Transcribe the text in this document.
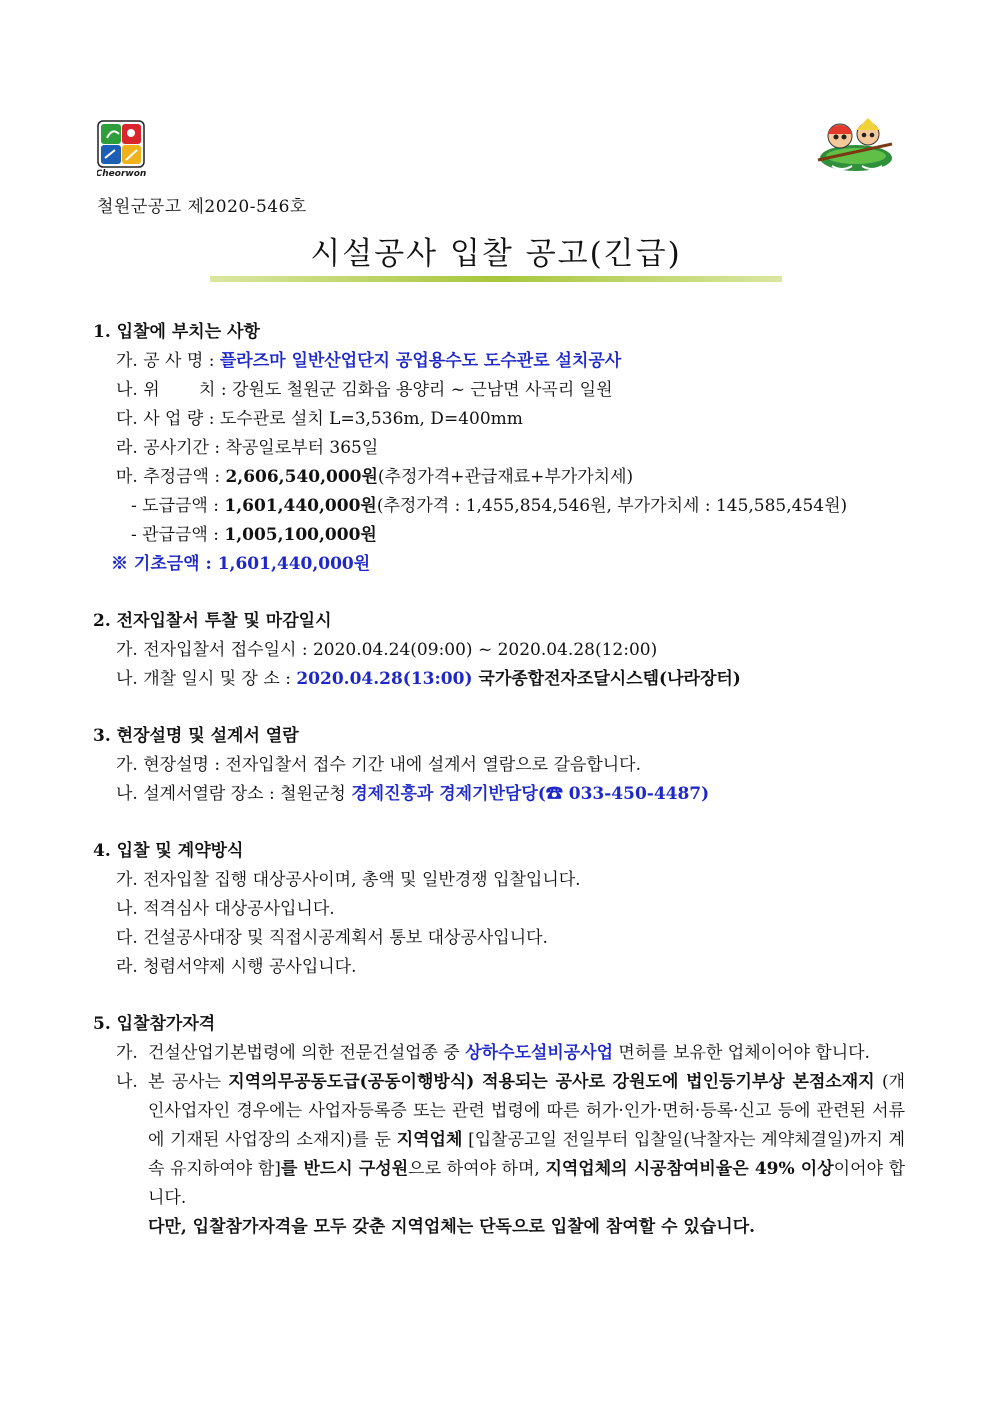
Cheorwon
철원군공고 제2020-546호
시설공사 입찰 공고(긴급)
1. 입찰에 부치는 사항
가. 공 사 명 : 플라즈마 일반산업단지 공업용수도 도수관로 설치공사
나. 위　　 치 : 강원도 철원군 김화읍 용양리 ~ 근남면 사곡리 일원
다. 사 업 량 : 도수관로 설치 L=3,536m, D=400mm
라. 공사기간 : 착공일로부터 365일
마. 추정금액 : 2,606,540,000원(추정가격+관급재료+부가가치세)
- 도급금액 : 1,601,440,000원(추정가격 : 1,455,854,546원, 부가가치세 : 145,585,454원)
- 관급금액 : 1,005,100,000원
※ 기초금액 : 1,601,440,000원
2. 전자입찰서 투찰 및 마감일시
가. 전자입찰서 접수일시 : 2020.04.24(09:00) ~ 2020.04.28(12:00)
나. 개찰 일시 및 장 소 : 2020.04.28(13:00) 국가종합전자조달시스템(나라장터)
3. 현장설명 및 설계서 열람
가. 현장설명 : 전자입찰서 접수 기간 내에 설계서 열람으로 갈음합니다.
나. 설계서열람 장소 : 철원군청 경제진흥과 경제기반담당(☎ 033-450-4487)
4. 입찰 및 계약방식
가. 전자입찰 집행 대상공사이며, 총액 및 일반경쟁 입찰입니다.
나. 적격심사 대상공사입니다.
다. 건설공사대장 및 직접시공계획서 통보 대상공사입니다.
라. 청렴서약제 시행 공사입니다.
5. 입찰참가자격
가. 건설산업기본법령에 의한 전문건설업종 중 상하수도설비공사업 면허를 보유한 업체이어야 합니다.
나. 본 공사는 지역의무공동도급(공동이행방식) 적용되는 공사로 강원도에 법인등기부상 본점소재지 (개인사업자인 경우에는 사업자등록증 또는 관련 법령에 따른 허가·인가·면허·등록·신고 등에 관련된 서류에 기재된 사업장의 소재지)를 둔 지역업체 [입찰공고일 전일부터 입찰일(낙찰자는 계약체결일)까지 계속 유지하여야 함]를 반드시 구성원으로 하여야 하며, 지역업체의 시공참여비율은 49% 이상이어야 합니다.
다만, 입찰참가자격을 모두 갖춘 지역업체는 단독으로 입찰에 참여할 수 있습니다.
